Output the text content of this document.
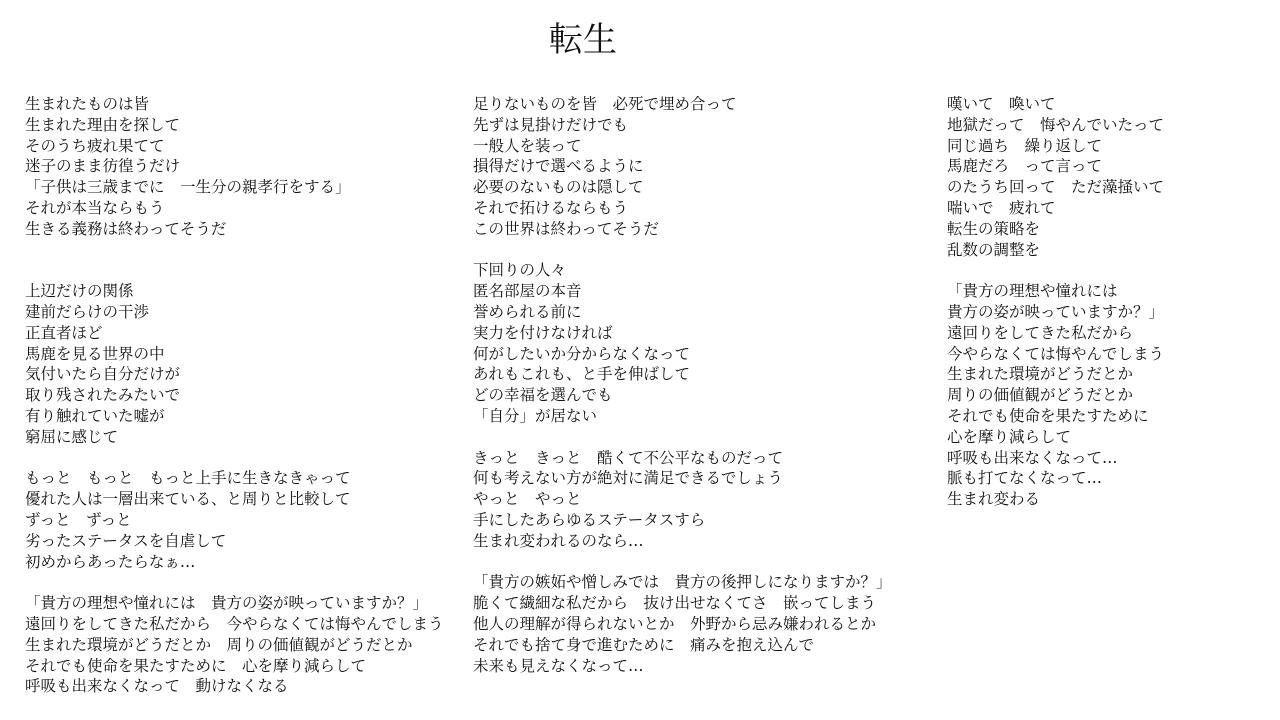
転生
生まれたものは皆
生まれた理由を探して
そのうち疲れ果てて
迷子のまま彷徨うだけ
「子供は三歳までに　一生分の親孝行をする」
それが本当ならもう
生きる義務は終わってそうだ
上辺だけの関係
建前だらけの干渉
正直者ほど
馬鹿を見る世界の中
気付いたら自分だけが
取り残されたみたいで
有り触れていた嘘が
窮屈に感じて
もっと　もっと　もっと上手に生きなきゃって
優れた人は一層出来ている、と周りと比較して
ずっと　ずっと
劣ったステータスを自虐して
初めからあったらなぁ…
「貴方の理想や憧れには　貴方の姿が映っていますか？」
遠回りをしてきた私だから　今やらなくては悔やんでしまう
生まれた環境がどうだとか　周りの価値観がどうだとか
それでも使命を果たすために　心を摩り減らして
呼吸も出来なくなって　動けなくなる
足りないものを皆　必死で埋め合って
先ずは見掛けだけでも
一般人を装って
損得だけで選べるように
必要のないものは隠して
それで拓けるならもう
この世界は終わってそうだ
下回りの人々
匿名部屋の本音
誉められる前に
実力を付けなければ
何がしたいか分からなくなって
あれもこれも、と手を伸ばして
どの幸福を選んでも
「自分」が居ない
きっと　きっと　酷くて不公平なものだって
何も考えない方が絶対に満足できるでしょう
やっと　やっと
手にしたあらゆるステータスすら
生まれ変われるのなら…
「貴方の嫉妬や憎しみでは　貴方の後押しになりますか？」
脆くて繊細な私だから　抜け出せなくてさ　嵌ってしまう
他人の理解が得られないとか　外野から忌み嫌われるとか
それでも捨て身で進むために　痛みを抱え込んで
未来も見えなくなって…
嘆いて　喚いて
地獄だって　悔やんでいたって
同じ過ち　繰り返して
馬鹿だろ　って言って
のたうち回って　ただ藻掻いて
喘いで　疲れて
転生の策略を
乱数の調整を
「貴方の理想や憧れには
貴方の姿が映っていますか？」
遠回りをしてきた私だから
今やらなくては悔やんでしまう
生まれた環境がどうだとか
周りの価値観がどうだとか
それでも使命を果たすために
心を摩り減らして
呼吸も出来なくなって…
脈も打てなくなって…
生まれ変わる
